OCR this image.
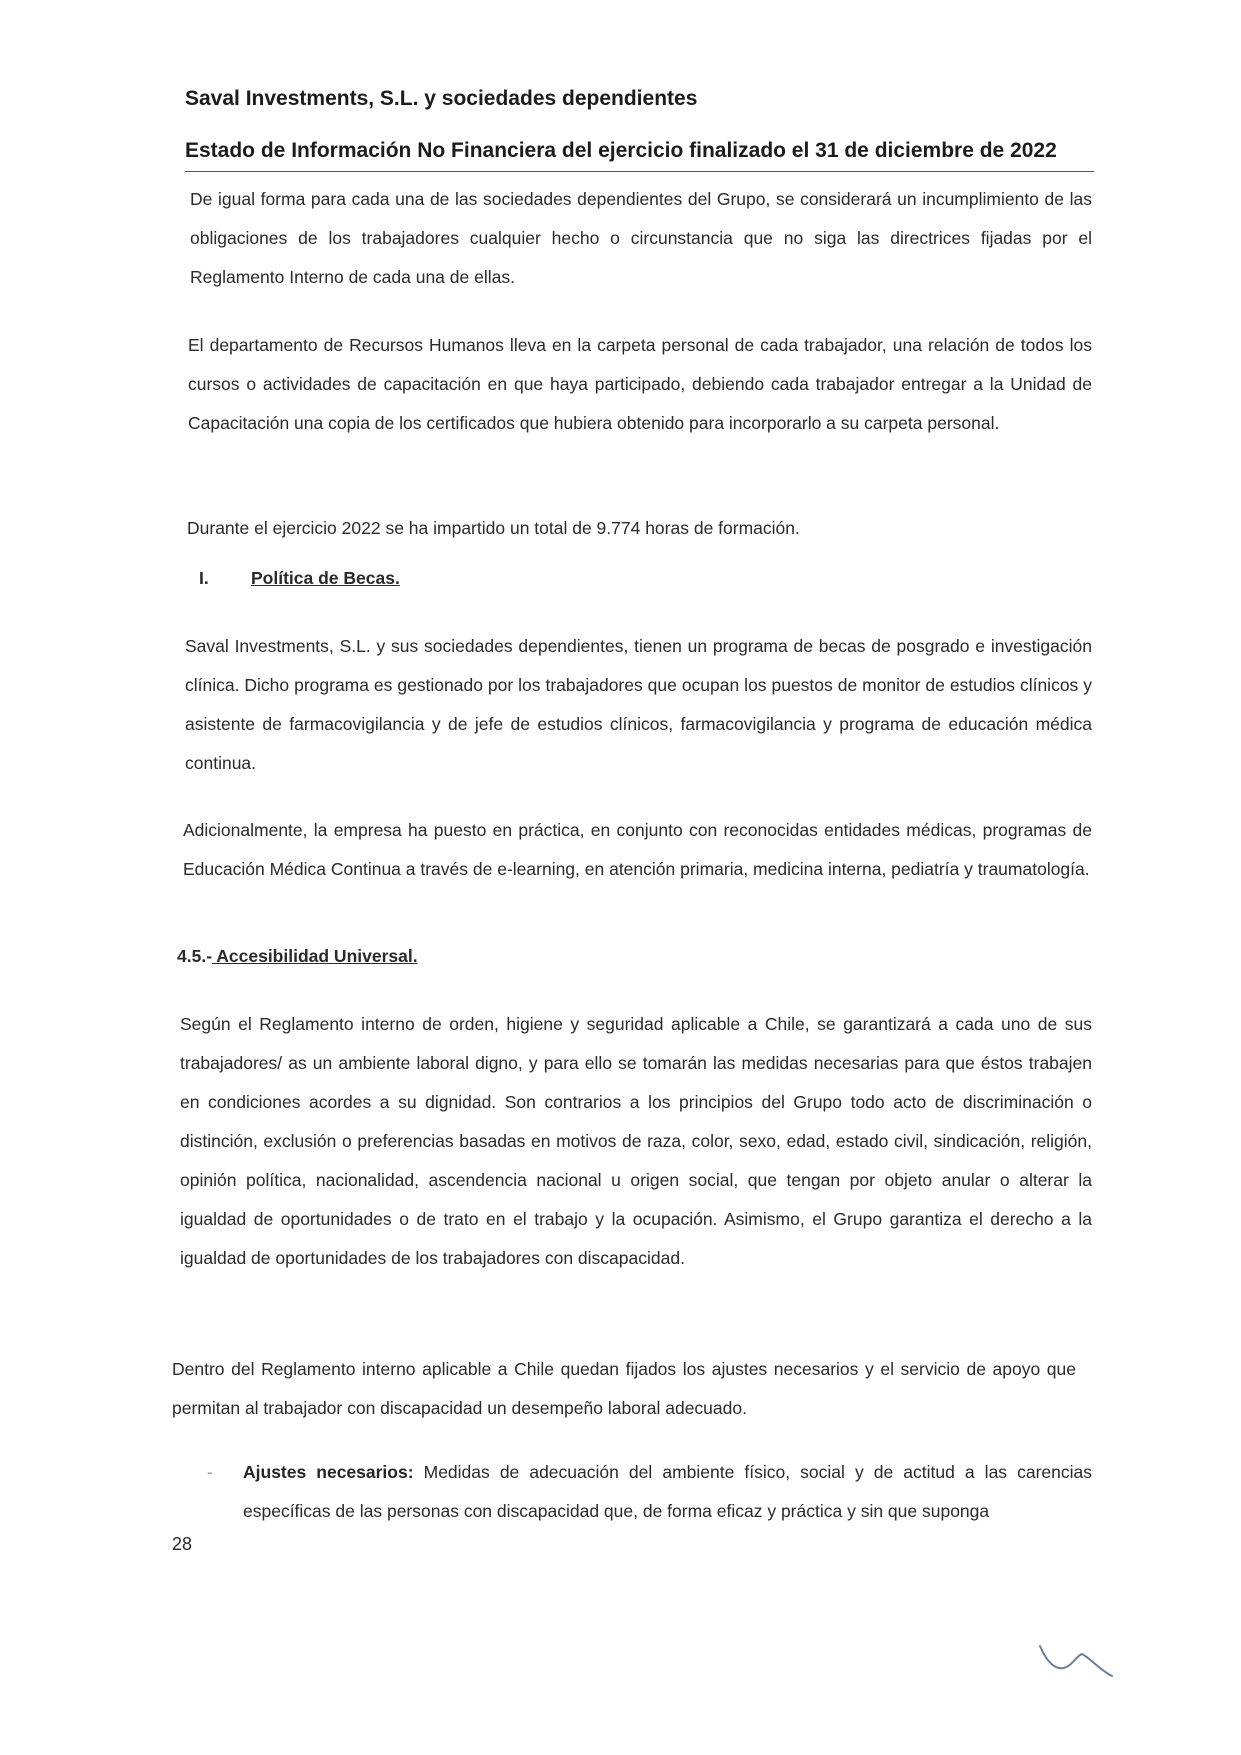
Saval Investments, S.L. y sociedades dependientes
Estado de Información No Financiera del ejercicio finalizado el 31 de diciembre de 2022

De igual forma para cada una de las sociedades dependientes del Grupo, se considerará un incumplimiento de las obligaciones de los trabajadores cualquier hecho o circunstancia que no siga las directrices fijadas por el Reglamento Interno de cada una de ellas.

El departamento de Recursos Humanos lleva en la carpeta personal de cada trabajador, una relación de todos los cursos o actividades de capacitación en que haya participado, debiendo cada trabajador entregar a la Unidad de Capacitación una copia de los certificados que hubiera obtenido para incorporarlo a su carpeta personal.

Durante el ejercicio 2022 se ha impartido un total de 9.774 horas de formación.

I. Política de Becas.

Saval Investments, S.L. y sus sociedades dependientes, tienen un programa de becas de posgrado e investigación clínica. Dicho programa es gestionado por los trabajadores que ocupan los puestos de monitor de estudios clínicos y asistente de farmacovigilancia y de jefe de estudios clínicos, farmacovigilancia y programa de educación médica continua.

Adicionalmente, la empresa ha puesto en práctica, en conjunto con reconocidas entidades médicas, programas de Educación Médica Continua a través de e-learning, en atención primaria, medicina interna, pediatría y traumatología.

4.5.- Accesibilidad Universal.

Según el Reglamento interno de orden, higiene y seguridad aplicable a Chile, se garantizará a cada uno de sus trabajadores/ as un ambiente laboral digno, y para ello se tomarán las medidas necesarias para que éstos trabajen en condiciones acordes a su dignidad. Son contrarios a los principios del Grupo todo acto de discriminación o distinción, exclusión o preferencias basadas en motivos de raza, color, sexo, edad, estado civil, sindicación, religión, opinión política, nacionalidad, ascendencia nacional u origen social, que tengan por objeto anular o alterar la igualdad de oportunidades o de trato en el trabajo y la ocupación. Asimismo, el Grupo garantiza el derecho a la igualdad de oportunidades de los trabajadores con discapacidad.

Dentro del Reglamento interno aplicable a Chile quedan fijados los ajustes necesarios y el servicio de apoyo que permitan al trabajador con discapacidad un desempeño laboral adecuado.

- Ajustes necesarios: Medidas de adecuación del ambiente físico, social y de actitud a las carencias específicas de las personas con discapacidad que, de forma eficaz y práctica y sin que suponga

28
